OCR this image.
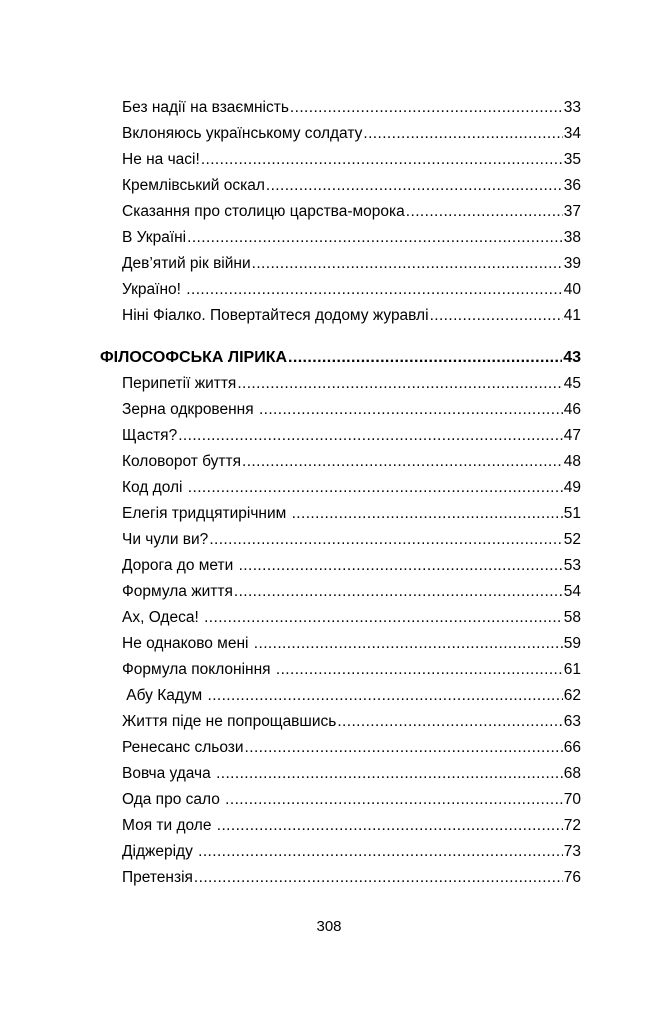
Без надії на взаємність .....	33
Вклоняюсь українському солдату .....	34
Не на часі! .....	35
Кремлівський оскал .....	36
Сказання про столицю царства-морока .....	37
В Україні .....	38
Дев’ятий рік війни .....	39
Україно! .....	40
Ніні Фіалко. Повертайтеся додому журавлі .....	41
ФІЛОСОФСЬКА ЛІРИКА .....	43
Перипетії життя .....	45
Зерна одкровення .....	46
Щастя? .....	47
Коловорот буття .....	48
Код долі .....	49
Елегія тридцятирічним .....	51
Чи чули ви? .....	52
Дорога до мети .....	53
Формула життя .....	54
Ах, Одеса! .....	58
Не однаково мені .....	59
Формула поклоніння .....	61
Абу Кадум .....	62
Життя піде не попрощавшись .....	63
Ренесанс сльози .....	66
Вовча удача .....	68
Ода про сало .....	70
Моя ти доле .....	72
Діджеріду .....	73
Претензія .....	76
308
